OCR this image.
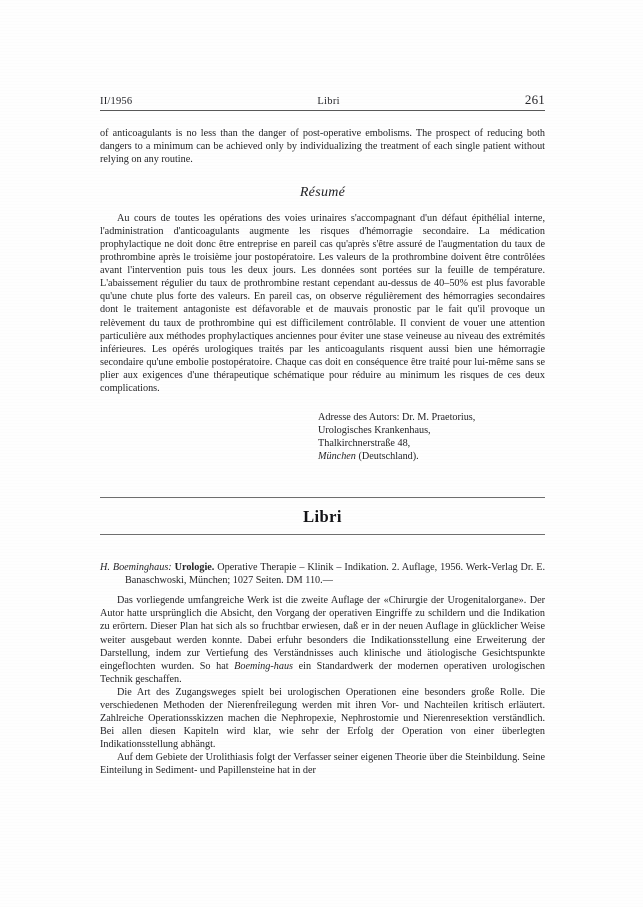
II/1956	Libri	261

of anticoagulants is no less than the danger of post-operative embolisms. The prospect of reducing both dangers to a minimum can be achieved only by individualizing the treatment of each single patient without relying on any routine.

Résumé

Au cours de toutes les opérations des voies urinaires s'accompagnant d'un défaut épithélial interne, l'administration d'anticoagulants augmente les risques d'hémorragie secondaire. La médication prophylactique ne doit donc être entreprise en pareil cas qu'après s'être assuré de l'augmentation du taux de prothrombine après le troisième jour postopératoire. Les valeurs de la prothrombine doivent être contrôlées avant l'intervention puis tous les deux jours. Les données sont portées sur la feuille de température. L'abaissement régulier du taux de prothrombine restant cependant au-dessus de 40–50% est plus favorable qu'une chute plus forte des valeurs. En pareil cas, on observe régulièrement des hémorragies secondaires dont le traitement antagoniste est défavorable et de mauvais pronostic par le fait qu'il provoque un relèvement du taux de prothrombine qui est difficilement contrôlable. Il convient de vouer une attention particulière aux méthodes prophylactiques anciennes pour éviter une stase veineuse au niveau des extrémités inférieures. Les opérés urologiques traités par les anticoagulants risquent aussi bien une hémorragie secondaire qu'une embolie postopératoire. Chaque cas doit en conséquence être traité pour lui-même sans se plier aux exigences d'une thérapeutique schématique pour réduire au minimum les risques de ces deux complications.

Adresse des Autors: Dr. M. Praetorius,
Urologisches Krankenhaus,
Thalkirchnerstraße 48,
München (Deutschland).
Libri
H. Boeminghaus: Urologie. Operative Therapie – Klinik – Indikation. 2. Auflage, 1956. Werk-Verlag Dr. E. Banaschwoski, München; 1027 Seiten. DM 110.—

Das vorliegende umfangreiche Werk ist die zweite Auflage der «Chirurgie der Urogenitalorgane». Der Autor hatte ursprünglich die Absicht, den Vorgang der operativen Eingriffe zu schildern und die Indikation zu erörtern. Dieser Plan hat sich als so fruchtbar erwiesen, daß er in der neuen Auflage in glücklicher Weise weiter ausgebaut werden konnte. Dabei erfuhr besonders die Indikationsstellung eine Erweiterung der Darstellung, indem zur Vertiefung des Verständnisses auch klinische und ätiologische Gesichtspunkte eingeflochten wurden. So hat Boeming-haus ein Standardwerk der modernen operativen urologischen Technik geschaffen.

Die Art des Zugangsweges spielt bei urologischen Operationen eine besonders große Rolle. Die verschiedenen Methoden der Nierenfreilegung werden mit ihren Vor- und Nachteilen kritisch erläutert. Zahlreiche Operationsskizzen machen die Nephropexie, Nephrostomie und Nierenresektion verständlich. Bei allen diesen Kapiteln wird klar, wie sehr der Erfolg der Operation von einer überlegten Indikationsstellung abhängt.

Auf dem Gebiete der Urolithiasis folgt der Verfasser seiner eigenen Theorie über die Steinbildung. Seine Einteilung in Sediment- und Papillensteine hat in der
